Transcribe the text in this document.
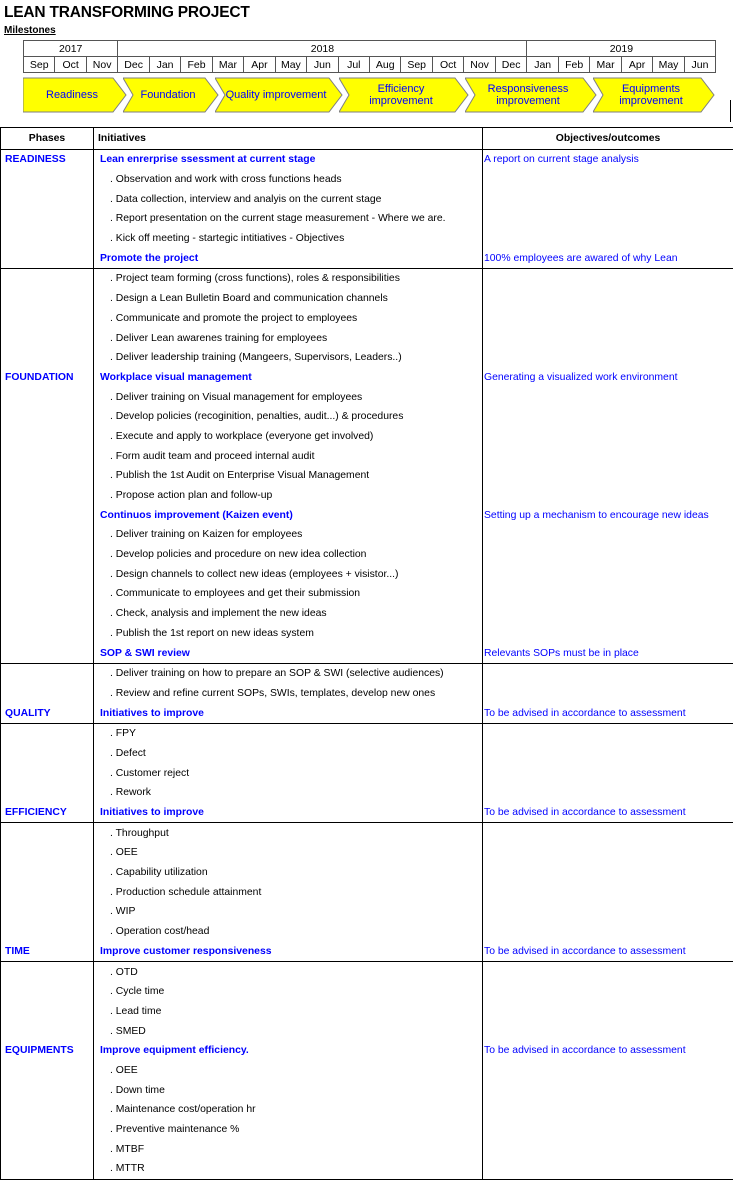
LEAN TRANSFORMING PROJECT
Milestones
2017			2018													2019					
Sep	Oct	Nov	Dec	Jan	Feb	Mar	Apr	May	Jun	Jul	Aug	Sep	Oct	Nov	Dec	Jan	Feb	Mar	Apr	May	Jun
Readiness	Foundation	Quality improvement	Efficiency improvement
Responsiveness improvement
Equipments improvement
Phases	Initiatives	Objectives/outcomes
READINESS	Lean enrerprise ssessment at current stage	A report on current stage analysis
	. Observation and work with cross functions heads	
	. Data collection, interview and analyis on the current stage	
	. Report presentation on the current stage measurement - Where we are.	
	. Kick off meeting - startegic intitiatives - Objectives	
	Promote the project	100% employees are awared of why Lean
	. Project team forming (cross functions), roles & responsibilities	
	. Design a Lean Bulletin Board and communication channels	
	. Communicate and promote the project to employees	
	. Deliver Lean awarenes training for employees	
	. Deliver leadership training (Mangeers, Supervisors, Leaders..)	
FOUNDATION	Workplace visual management	Generating a visualized work environment
	. Deliver training on Visual management for employees	
	. Develop policies (recoginition, penalties, audit...) & procedures	
	. Execute and apply to workplace (everyone get involved)	
	. Form audit team and proceed internal audit	
	. Publish the 1st Audit on Enterprise Visual Management	
	. Propose action plan and follow-up	
	Continuos improvement (Kaizen event)	Setting up a mechanism to encourage new ideas
	. Deliver training on Kaizen for employees	
	. Develop policies and procedure on new idea collection	
	. Design channels to collect new ideas (employees + visistor...)	
	. Communicate to employees and get their submission	
	. Check, analysis and implement the new ideas	
	. Publish the 1st report on new ideas system	
	SOP & SWI review	Relevants SOPs must be in place
	. Deliver training on how to prepare an SOP & SWI (selective audiences)	
	. Review and refine current SOPs, SWIs, templates, develop new ones	
QUALITY	Initiatives to improve	To be advised in accordance to assessment
	. FPY	
	. Defect	
	. Customer reject	
	. Rework	
EFFICIENCY	Initiatives to improve	To be advised in accordance to assessment
	. Throughput	
	. OEE	
	. Capability utilization	
	. Production schedule attainment	
	. WIP	
	. Operation cost/head	
TIME	Improve customer responsiveness	To be advised in accordance to assessment
	. OTD	
	. Cycle time	
	. Lead time	
	. SMED	
EQUIPMENTS	Improve equipment efficiency.	To be advised in accordance to assessment
	. OEE	
	. Down time	
	. Maintenance cost/operation hr	
	. Preventive maintenance %	
	. MTBF	
	. MTTR	
